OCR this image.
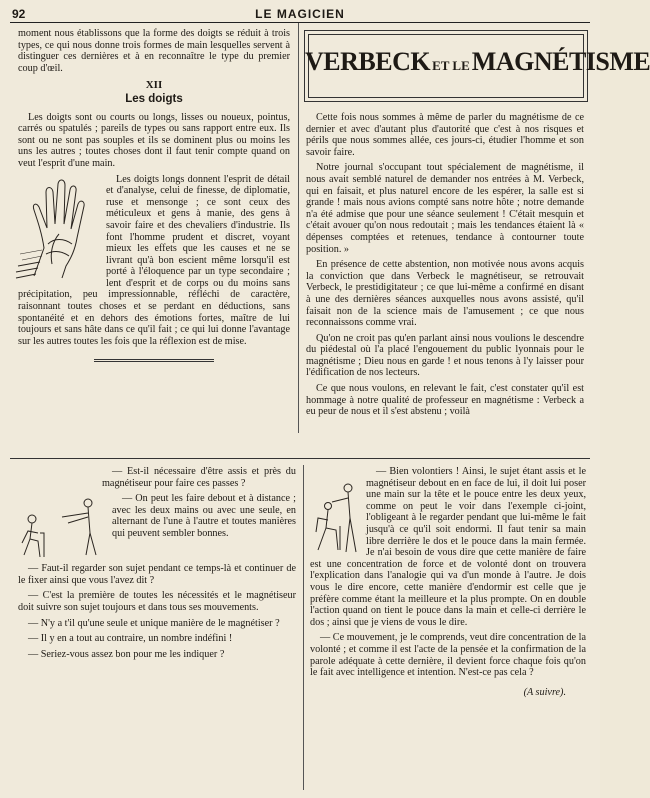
92	LE MAGICIEN

moment nous établissons que la forme des doigts se réduit à trois types, ce qui nous donne trois formes de main lesquelles servent à distinguer ces dernières et à en reconnaître le type du premier coup d'œil.

XII
Les doigts

Les doigts sont ou courts ou longs, lisses ou noueux, pointus, carrés ou spatulés ; pareils de types ou sans rapport entre eux. Ils sont ou ne sont pas souples et ils se dominent plus ou moins les uns les autres ; toutes choses dont il faut tenir compte quand on veut l'esprit d'une main.

Les doigts longs donnent l'esprit de détail et d'analyse, celui de finesse, de diplomatie, ruse et mensonge ; ce sont ceux des méticuleux et gens à manie, des gens à savoir faire et des chevaliers d'industrie. Ils font l'homme prudent et discret, voyant mieux les effets que les causes et ne se livrant qu'à bon escient même lorsqu'il est porté à l'éloquence par un type secondaire ; lent d'esprit et de corps ou du moins sans précipitation, peu impressionnable, réfléchi de caractère, raisonnant toutes choses et se perdant en déductions, sans spontanéité et en dehors des émotions fortes, maître de lui toujours et sans hâte dans ce qu'il fait ; ce qui lui donne l'avantage sur les autres toutes les fois que la réflexion est de mise.

VERBECK ET LEMAGNÉTISME

Cette fois nous sommes à même de parler du magnétisme de ce dernier et avec d'autant plus d'autorité que c'est à nos risques et périls que nous sommes allée, ces jours-ci, étudier l'homme et son savoir faire.

Notre journal s'occupant tout spécialement de magnétisme, il nous avait semblé naturel de demander nos entrées à M. Verbeck, qui en faisait, et plus naturel encore de les espérer, la salle est si grande ! mais nous avions compté sans notre hôte ; notre demande n'a été admise que pour une séance seulement ! C'était mesquin et c'était avouer qu'on nous redoutait ; mais les tendances étaient là « dépenses comptées et retenues, tendance à contourner toute position. »

En présence de cette abstention, non motivée nous avons acquis la conviction que dans Verbeck le magnétiseur, se retrouvait Verbeck, le prestidigitateur ; ce que lui-même a confirmé en disant à une des dernières séances auxquelles nous avons assisté, qu'il faisait non de la science mais de l'amusement ; ce que nous reconnaissons comme vrai.

Qu'on ne croit pas qu'en parlant ainsi nous voulions le descendre du piédestal où l'a placé l'engouement du public lyonnais pour le magnétisme ; Dieu nous en garde ! et nous tenons à l'y laisser pour l'édification de nos lecteurs.

Ce que nous voulons, en relevant le fait, c'est constater qu'il est hommage à notre qualité de professeur en magnétisme : Verbeck a eu peur de nous et il s'est abstenu ; voilà

— Est-il nécessaire d'être assis et près du magnétiseur pour faire ces passes ?

— On peut les faire debout et à distance ; avec les deux mains ou avec une seule, en alternant de l'une à l'autre et toutes manières qui peuvent sembler bonnes.

— Faut-il regarder son sujet pendant ce temps-là et continuer de le fixer ainsi que vous l'avez dit ?

— C'est la première de toutes les nécessités et le magnétiseur doit suivre son sujet toujours et dans tous ses mouvements.

— N'y a t'il qu'une seule et unique manière de le magnétiser ?

— Il y en a tout au contraire, un nombre indéfini !

— Seriez-vous assez bon pour me les indiquer ?

— Bien volontiers ! Ainsi, le sujet étant assis et le magnétiseur debout en en face de lui, il doit lui poser une main sur la tête et le pouce entre les deux yeux, comme on peut le voir dans l'exemple ci-joint, l'obligeant à le regarder pendant que lui-même le fait jusqu'à ce qu'il soit endormi. Il faut tenir sa main libre derrière le dos et le pouce dans la main fermée. Je n'ai besoin de vous dire que cette manière de faire est une concentration de force et de volonté dont on trouvera l'explication dans l'analogie qui va d'un monde à l'autre. Je dois vous le dire encore, cette manière d'endormir est celle que je préfère comme étant la meilleure et la plus prompte. On en double l'action quand on tient le pouce dans la main et celle-ci derrière le dos ; ainsi que je viens de vous le dire.

— Ce mouvement, je le comprends, veut dire concentration de la volonté ; et comme il est l'acte de la pensée et la confirmation de la parole adéquate à cette dernière, il devient force chaque fois qu'on le fait avec intelligence et intention. N'est-ce pas cela ?

(A suivre).
